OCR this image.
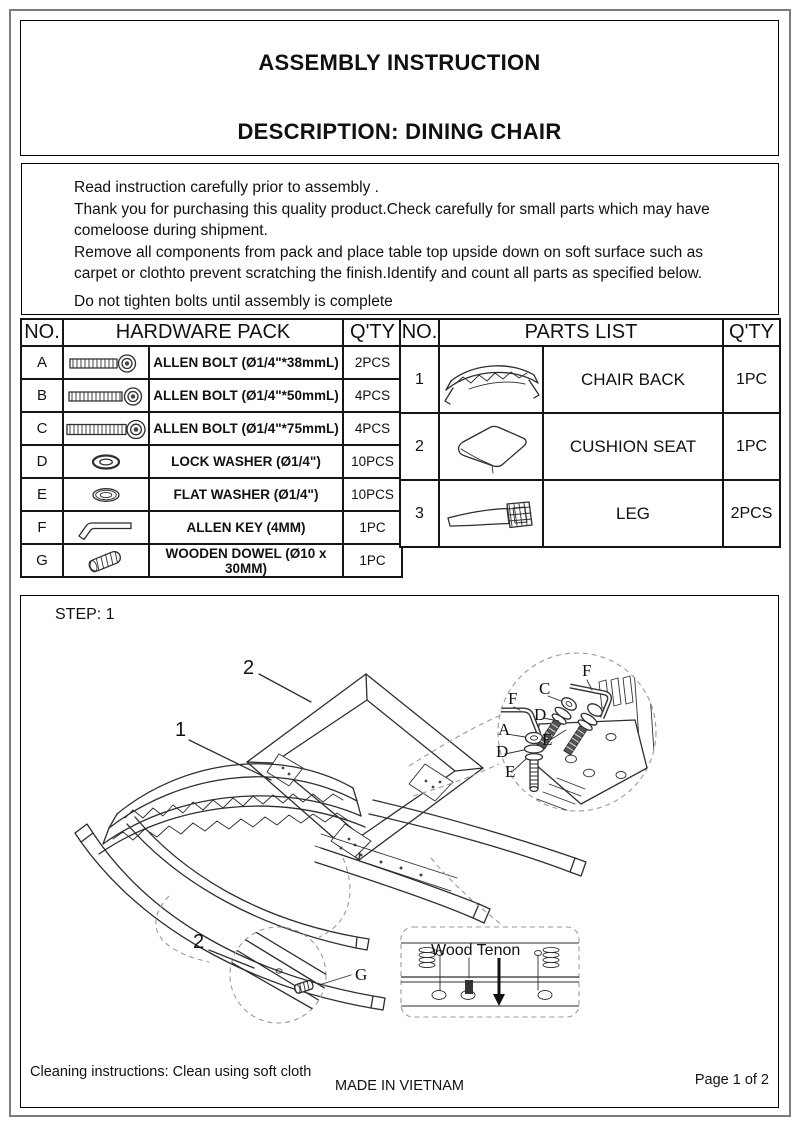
ASSEMBLY INSTRUCTION
DESCRIPTION: DINING CHAIR
Read instruction carefully prior to assembly .
Thank you for purchasing this quality product.Check carefully for small parts which may have
comeloose during shipment.
Remove all components from pack and place table top upside down on soft surface such as
carpet or clothto prevent scratching the finish.Identify and count all parts as specified below.
Do not tighten bolts until assembly is complete
NO.	HARDWARE PACK		Q'TY
A		ALLEN BOLT (Ø1/4"*38mmL)	2PCS
B		ALLEN BOLT (Ø1/4"*50mmL)	4PCS
C		ALLEN BOLT (Ø1/4"*75mmL)	4PCS
D		LOCK WASHER (Ø1/4")	10PCS
E		FLAT WASHER (Ø1/4")	10PCS
F		ALLEN KEY (4MM)	1PC
G		WOODEN DOWEL (Ø10 x 30MM)	1PC
NO.	PARTS LIST		Q'TY
1		CHAIR BACK	1PC
2		CUSHION SEAT	1PC
3		LEG	2PCS
STEP: 1
2
1
F
A
D
E
C
F
D
E
2
G
Wood Tenon
Cleaning instructions: Clean using soft cloth
MADE IN VIETNAM	Page 1 of 2
